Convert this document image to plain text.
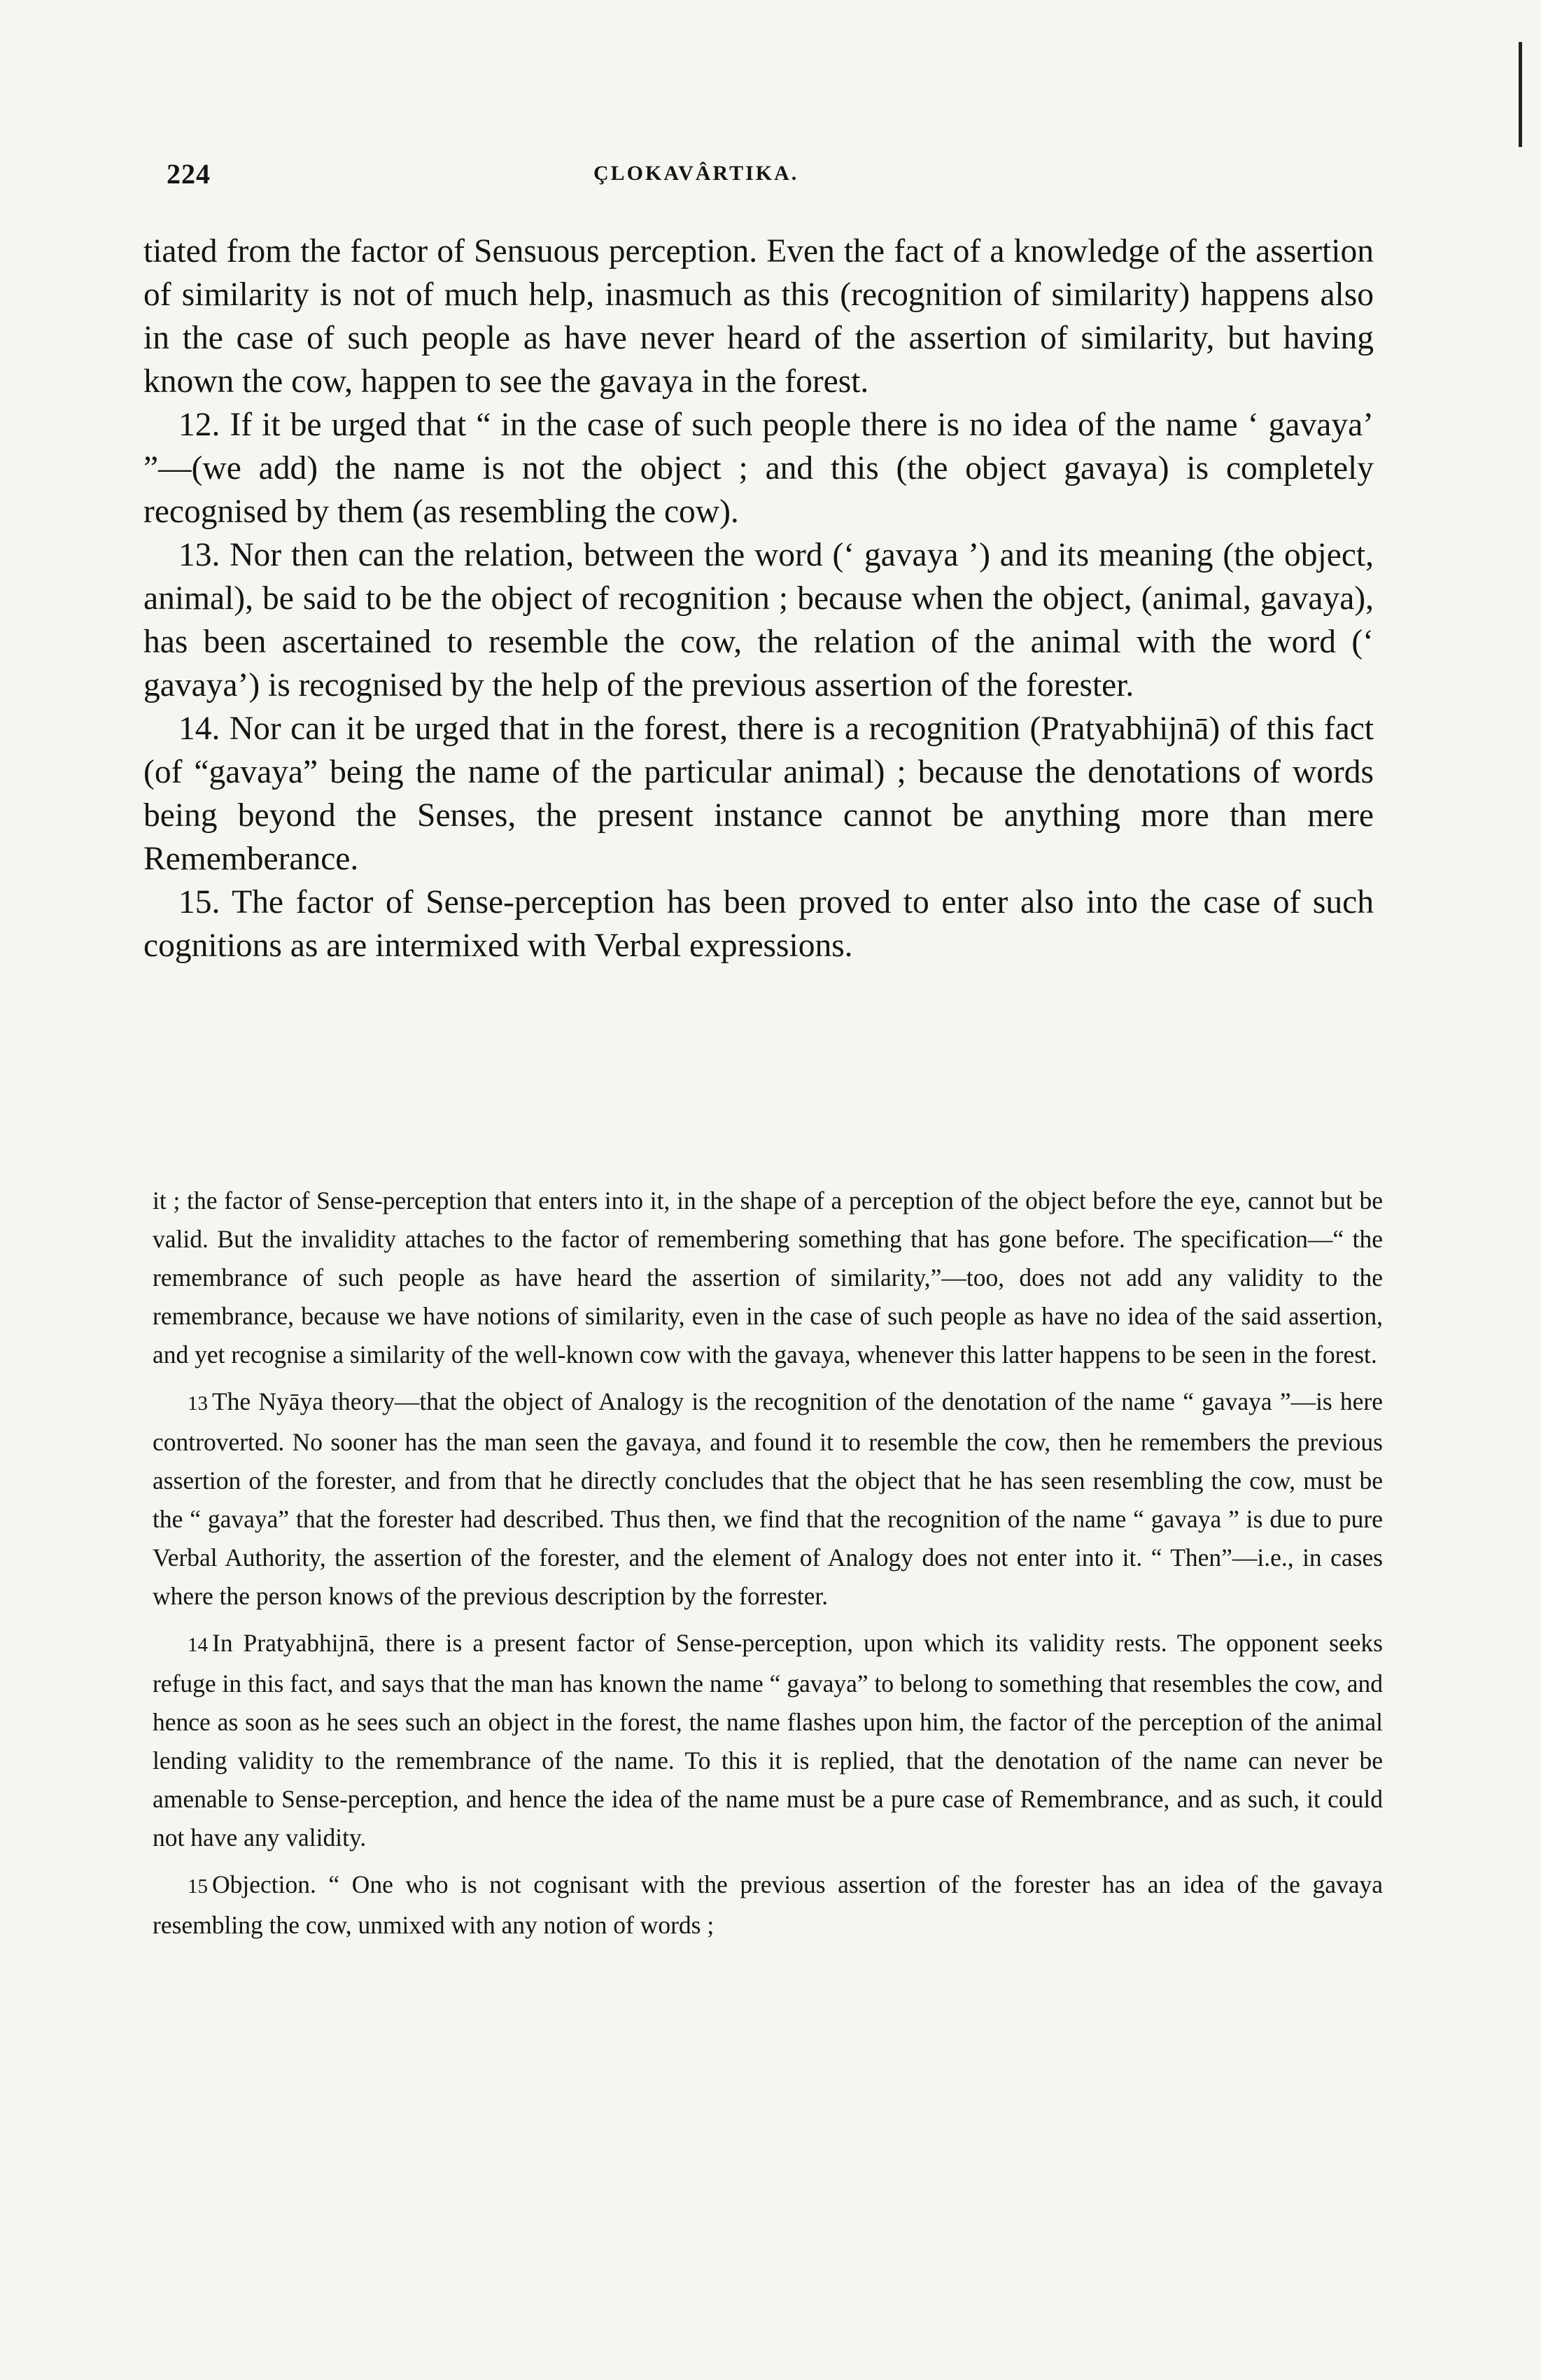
224	ÇLOKAVÂRTIKA.

tiated from the factor of Sensuous perception. Even the fact of a knowledge of the assertion of similarity is not of much help, inasmuch as this (recognition of similarity) happens also in the case of such people as have never heard of the assertion of similarity, but having known the cow, happen to see the gavaya in the forest.

12. If it be urged that “ in the case of such people there is no idea of the name ‘ gavaya’ ”—(we add) the name is not the object ; and this (the object gavaya) is completely recognised by them (as resembling the cow).

13. Nor then can the relation, between the word (‘ gavaya ’) and its meaning (the object, animal), be said to be the object of recognition ; because when the object, (animal, gavaya), has been ascertained to resemble the cow, the relation of the animal with the word (‘ gavaya’) is recognised by the help of the previous assertion of the forester.

14. Nor can it be urged that in the forest, there is a recognition (Pratyabhijnā) of this fact (of “gavaya” being the name of the particular animal) ; because the denotations of words being beyond the Senses, the present instance cannot be anything more than mere Rememberance.

15. The factor of Sense-perception has been proved to enter also into the case of such cognitions as are intermixed with Verbal expressions.

it ; the factor of Sense-perception that enters into it, in the shape of a perception of the object before the eye, cannot but be valid. But the invalidity attaches to the factor of remembering something that has gone before. The specification—“ the remembrance of such people as have heard the assertion of similarity,”—too, does not add any validity to the remembrance, because we have notions of similarity, even in the case of such people as have no idea of the said assertion, and yet recognise a similarity of the well-known cow with the gavaya, whenever this latter happens to be seen in the forest.

13 The Nyāya theory—that the object of Analogy is the recognition of the denotation of the name “ gavaya ”—is here controverted. No sooner has the man seen the gavaya, and found it to resemble the cow, then he remembers the previous assertion of the forester, and from that he directly concludes that the object that he has seen resembling the cow, must be the “ gavaya” that the forester had described. Thus then, we find that the recognition of the name “ gavaya ” is due to pure Verbal Authority, the assertion of the forester, and the element of Analogy does not enter into it. “ Then”—i.e., in cases where the person knows of the previous description by the forrester.

14 In Pratyabhijnā, there is a present factor of Sense-perception, upon which its validity rests. The opponent seeks refuge in this fact, and says that the man has known the name “ gavaya” to belong to something that resembles the cow, and hence as soon as he sees such an object in the forest, the name flashes upon him, the factor of the perception of the animal lending validity to the remembrance of the name. To this it is replied, that the denotation of the name can never be amenable to Sense-perception, and hence the idea of the name must be a pure case of Remembrance, and as such, it could not have any validity.

15 Objection. “ One who is not cognisant with the previous assertion of the forester has an idea of the gavaya resembling the cow, unmixed with any notion of words ;
